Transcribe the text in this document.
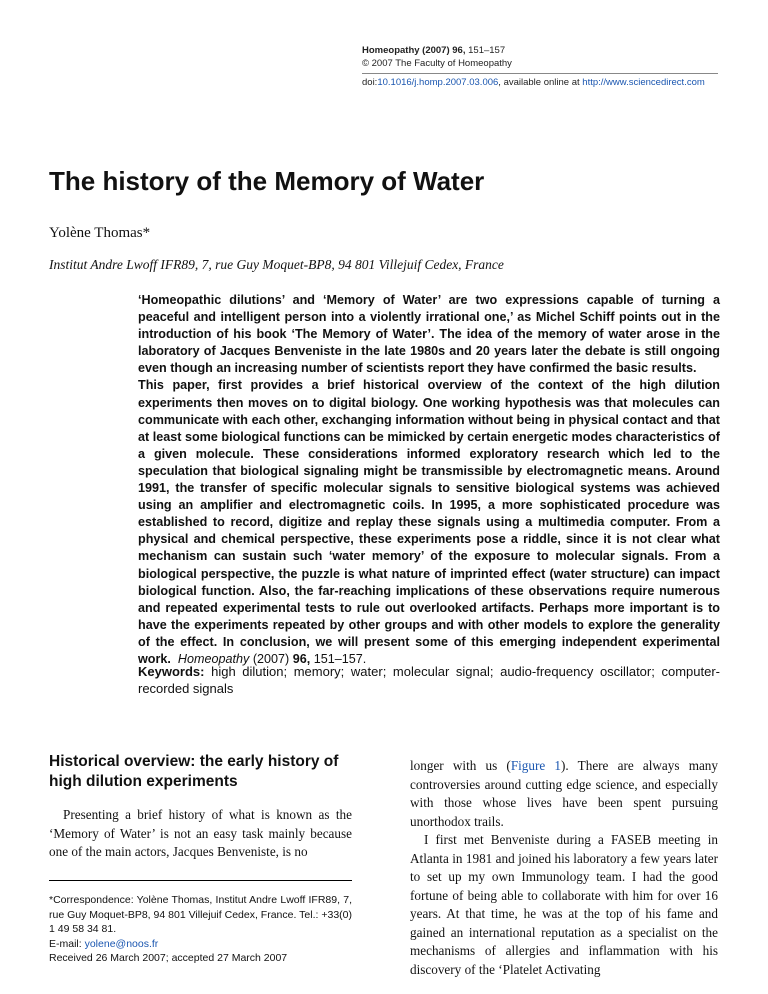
Homeopathy (2007) 96, 151–157
© 2007 The Faculty of Homeopathy
doi:10.1016/j.homp.2007.03.006, available online at http://www.sciencedirect.com
The history of the Memory of Water
Yolène Thomas*
Institut Andre Lwoff IFR89, 7, rue Guy Moquet-BP8, 94 801 Villejuif Cedex, France

‘Homeopathic dilutions’ and ‘Memory of Water’ are two expressions capable of turning a peaceful and intelligent person into a violently irrational one,’ as Michel Schiff points out in the introduction of his book ‘The Memory of Water’. The idea of the memory of water arose in the laboratory of Jacques Benveniste in the late 1980s and 20 years later the debate is still ongoing even though an increasing number of scientists report they have confirmed the basic results.

This paper, first provides a brief historical overview of the context of the high dilution experiments then moves on to digital biology. One working hypothesis was that molecules can communicate with each other, exchanging information without being in physical contact and that at least some biological functions can be mimicked by certain energetic modes characteristics of a given molecule. These considerations informed exploratory research which led to the speculation that biological signaling might be transmissible by electromagnetic means. Around 1991, the transfer of specific molecular signals to sensitive biological systems was achieved using an amplifier and electromagnetic coils. In 1995, a more sophisticated procedure was established to record, digitize and replay these signals using a multimedia computer. From a physical and chemical perspective, these experiments pose a riddle, since it is not clear what mechanism can sustain such ‘water memory’ of the exposure to molecular signals. From a biological perspective, the puzzle is what nature of imprinted effect (water structure) can impact biological function. Also, the far-reaching implications of these observations require numerous and repeated experimental tests to rule out overlooked artifacts. Perhaps more important is to have the experiments repeated by other groups and with other models to explore the generality of the effect. In conclusion, we will present some of this emerging independent experimental work. Homeopathy (2007) 96, 151–157.

Keywords: high dilution; memory; water; molecular signal; audio-frequency oscillator; computer-recorded signals
Historical overview: the early history of high dilution experiments

Presenting a brief history of what is known as the ‘Memory of Water’ is not an easy task mainly because one of the main actors, Jacques Benveniste, is no

*Correspondence: Yolène Thomas, Institut Andre Lwoff IFR89, 7, rue Guy Moquet-BP8, 94 801 Villejuif Cedex, France. Tel.: +33(0) 1 49 58 34 81.
E-mail: yolene@noos.fr
Received 26 March 2007; accepted 27 March 2007

longer with us (Figure 1). There are always many controversies around cutting edge science, and especially with those whose lives have been spent pursuing unorthodox trails.

I first met Benveniste during a FASEB meeting in Atlanta in 1981 and joined his laboratory a few years later to set up my own Immunology team. I had the good fortune of being able to collaborate with him for over 16 years. At that time, he was at the top of his fame and gained an international reputation as a specialist on the mechanisms of allergies and inflammation with his discovery of the ‘Platelet Activating
